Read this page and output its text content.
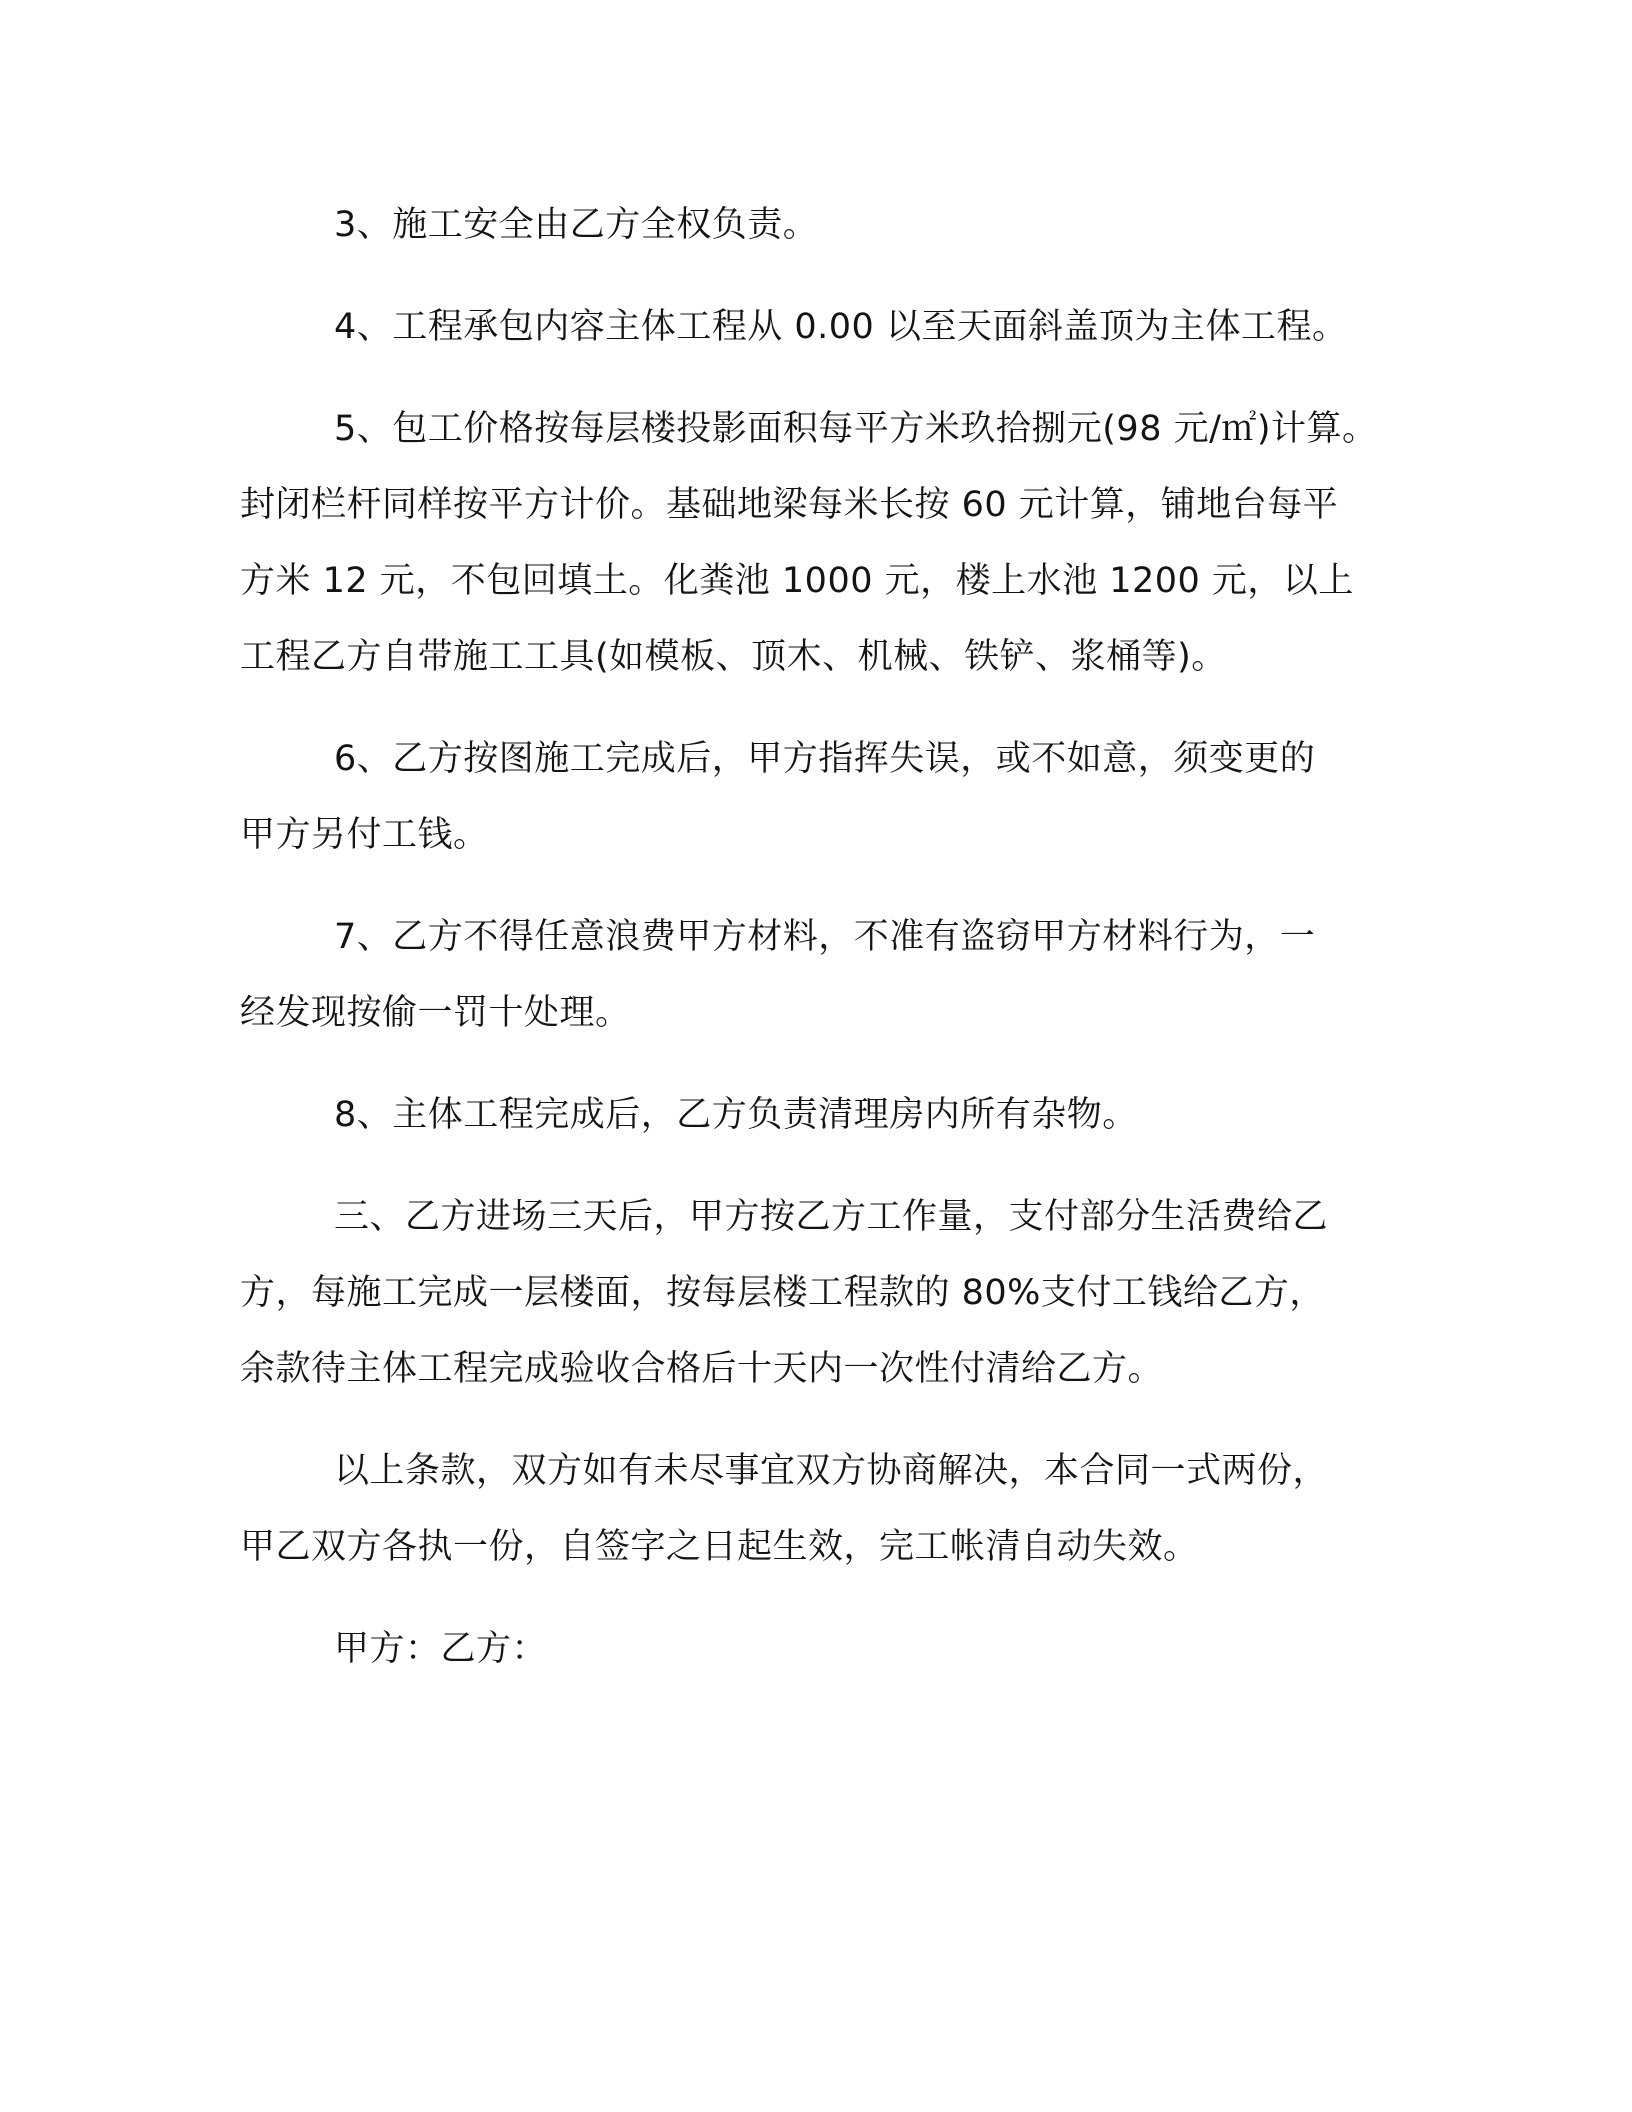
3、施工安全由乙方全权负责。
4、工程承包内容主体工程从 0.00 以至天面斜盖顶为主体工程。
5、包工价格按每层楼投影面积每平方米玖拾捌元(98 元/㎡)计算。
封闭栏杆同样按平方计价。基础地梁每米长按 60 元计算，铺地台每平
方米 12 元，不包回填土。化粪池 1000 元，楼上水池 1200 元，以上
工程乙方自带施工工具(如模板、顶木、机械、铁铲、浆桶等)。
6、乙方按图施工完成后，甲方指挥失误，或不如意，须变更的
甲方另付工钱。
7、乙方不得任意浪费甲方材料，不准有盗窃甲方材料行为，一
经发现按偷一罚十处理。
8、主体工程完成后，乙方负责清理房内所有杂物。
三、乙方进场三天后，甲方按乙方工作量，支付部分生活费给乙
方，每施工完成一层楼面，按每层楼工程款的 80%支付工钱给乙方，
余款待主体工程完成验收合格后十天内一次性付清给乙方。
以上条款，双方如有未尽事宜双方协商解决，本合同一式两份，
甲乙双方各执一份，自签字之日起生效，完工帐清自动失效。
甲方：乙方：
